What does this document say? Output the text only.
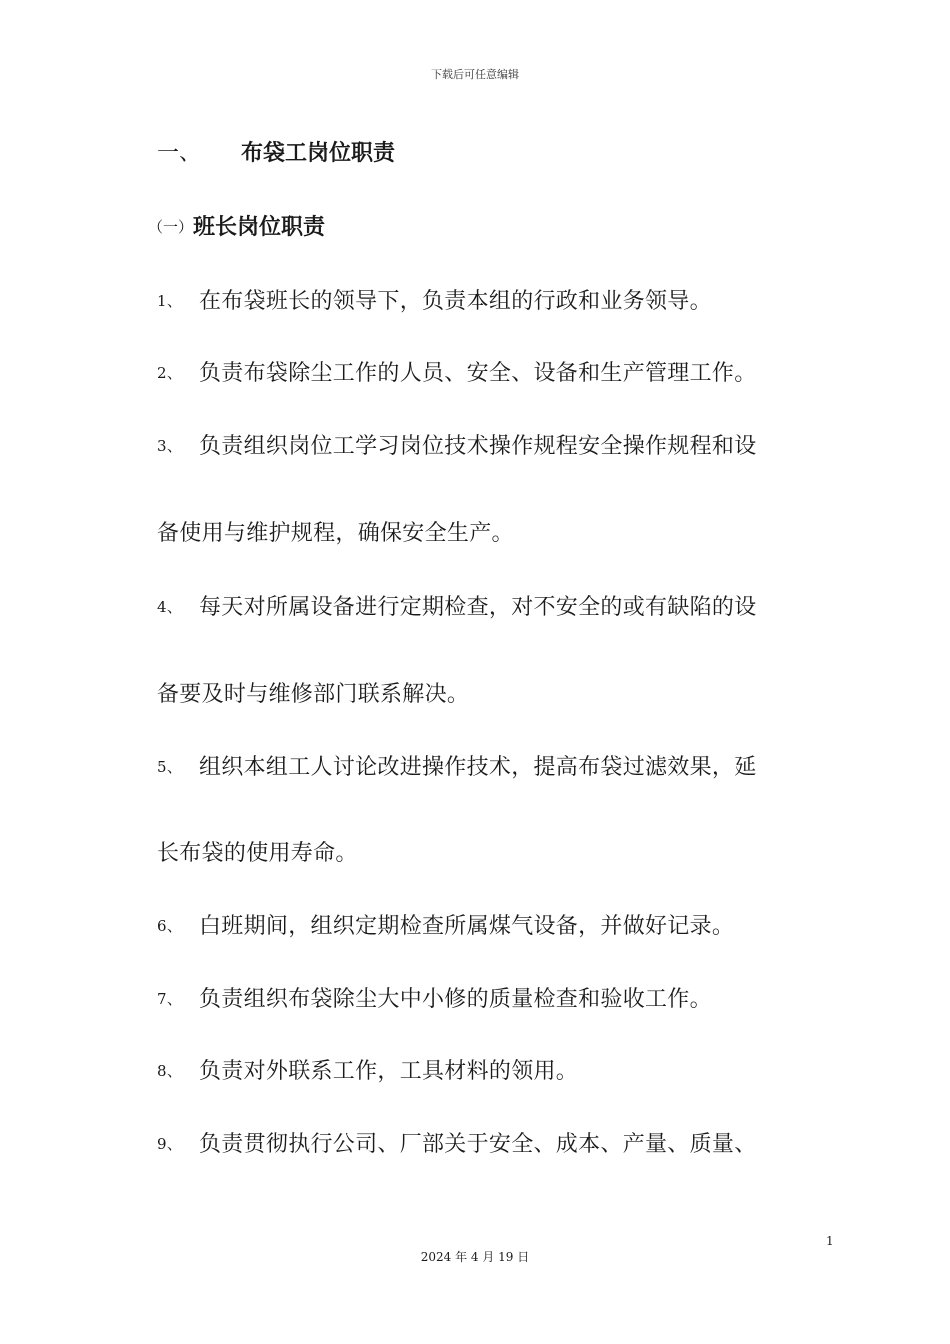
下载后可任意编辑
一、 布袋工岗位职责
（一）班长岗位职责
1、 在布袋班长的领导下，负责本组的行政和业务领导。
2、 负责布袋除尘工作的人员、安全、设备和生产管理工作。
3、 负责组织岗位工学习岗位技术操作规程安全操作规程和设
备使用与维护规程，确保安全生产。
4、 每天对所属设备进行定期检查，对不安全的或有缺陷的设
备要及时与维修部门联系解决。
5、 组织本组工人讨论改进操作技术，提高布袋过滤效果，延
长布袋的使用寿命。
6、 白班期间，组织定期检查所属煤气设备，并做好记录。
7、 负责组织布袋除尘大中小修的质量检查和验收工作。
8、 负责对外联系工作，工具材料的领用。
9、 负责贯彻执行公司、厂部关于安全、成本、产量、质量、
1
2024 年 4 月 19 日
